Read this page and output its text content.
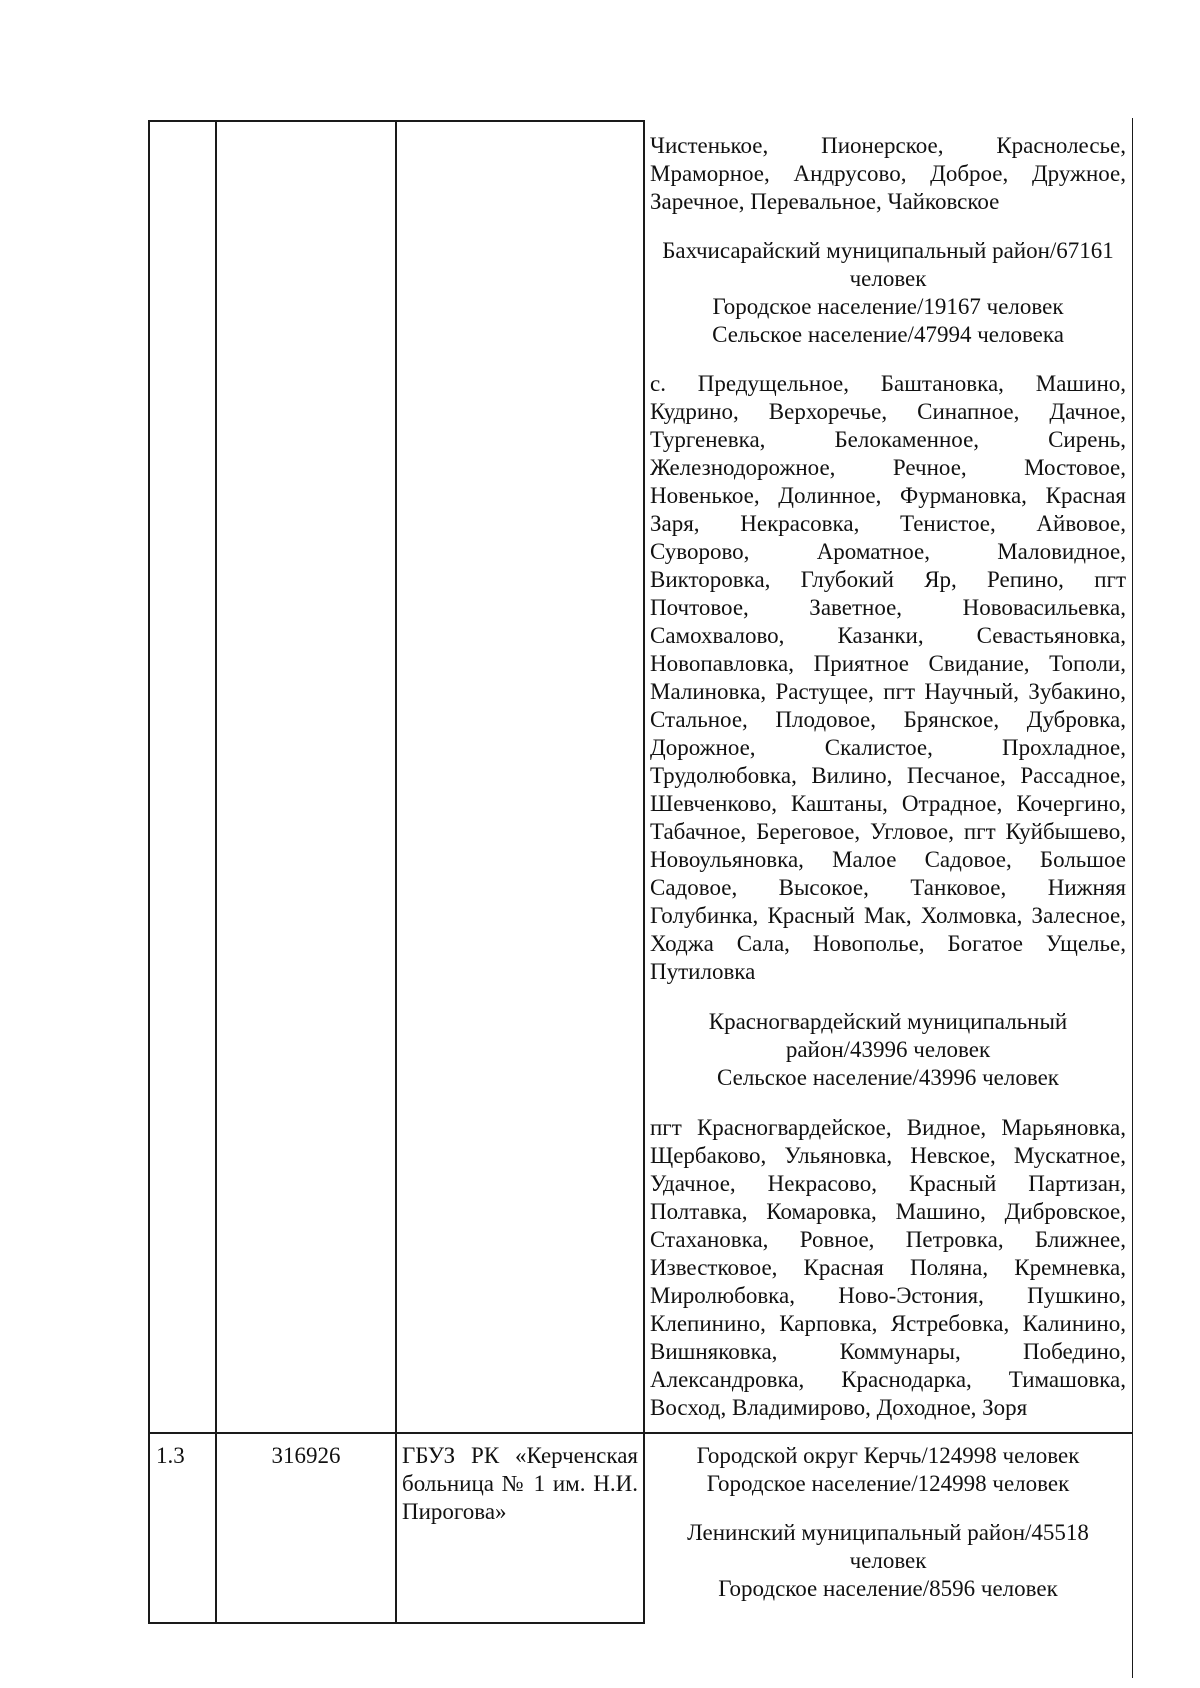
Чистенькое, Пионерское, Краснолесье, Мраморное, Андрусово, Доброе, Дружное, Заречное, Перевальное, Чайковское
Бахчисарайский муниципальный район/67161 человек
Городское население/19167 человек
Сельское население/47994 человека
с. Предущельное, Баштановка, Машино, Кудрино, Верхоречье, Синапное, Дачное, Тургеневка, Белокаменное, Сирень, Железнодорожное, Речное, Мостовое, Новенькое, Долинное, Фурмановка, Красная Заря, Некрасовка, Тенистое, Айвовое, Суворово, Ароматное, Маловидное, Викторовка, Глубокий Яр, Репино, пгт Почтовое, Заветное, Нововасильевка, Самохвалово, Казанки, Севастьяновка, Новопавловка, Приятное Свидание, Тополи, Малиновка, Растущее, пгт Научный, Зубакино, Стальное, Плодовое, Брянское, Дубровка, Дорожное, Скалистое, Прохладное, Трудолюбовка, Вилино, Песчаное, Рассадное, Шевченково, Каштаны, Отрадное, Кочергино, Табачное, Береговое, Угловое, пгт Куйбышево, Новоульяновка, Малое Садовое, Большое Садовое, Высокое, Танковое, Нижняя Голубинка, Красный Мак, Холмовка, Залесное, Ходжа Сала, Новополье, Богатое Ущелье, Путиловка
Красногвардейский муниципальный район/43996 человек
Сельское население/43996 человек
пгт Красногвардейское, Видное, Марьяновка, Щербаково, Ульяновка, Невское, Мускатное, Удачное, Некрасово, Красный Партизан, Полтавка, Комаровка, Машино, Дибровское, Стахановка, Ровное, Петровка, Ближнее, Известковое, Красная Поляна, Кремневка, Миролюбовка, Ново-Эстония, Пушкино, Клепинино, Карповка, Ястребовка, Калинино, Вишняковка, Коммунары, Победино, Александровка, Краснодарка, Тимашовка, Восход, Владимирово, Доходное, Зоря
1.3	316926	ГБУЗ РК «Керченская больница № 1 им. Н.И. Пирогова»
Городской округ Керчь/124998 человек
Городское население/124998 человек
Ленинский муниципальный район/45518 человек
Городское население/8596 человек
